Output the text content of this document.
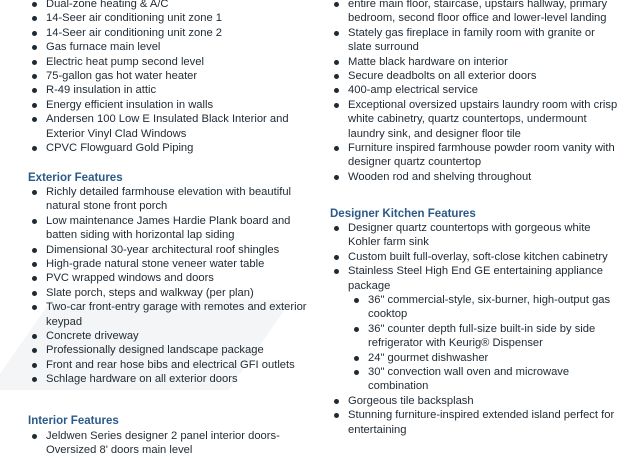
Dual-zone heating & A/C
14-Seer air conditioning unit zone 1
14-Seer air conditioning unit zone 2
Gas furnace main level
Electric heat pump second level
75-gallon gas hot water heater
R-49 insulation in attic
Energy efficient insulation in walls
Andersen 100 Low E Insulated Black Interior and Exterior Vinyl Clad Windows
CPVC Flowguard Gold Piping
Exterior Features
Richly detailed farmhouse elevation with beautiful natural stone front porch
Low maintenance James Hardie Plank board and batten siding with horizontal lap siding
Dimensional 30-year architectural roof shingles
High-grade natural stone veneer water table
PVC wrapped windows and doors
Slate porch, steps and walkway (per plan)
Two-car front-entry garage with remotes and exterior keypad
Concrete driveway
Professionally designed landscape package
Front and rear hose bibs and electrical GFI outlets
Schlage hardware on all exterior doors
Interior Features
Jeldwen Series designer 2 panel interior doors-Oversized 8' doors main level
entire main floor, staircase, upstairs hallway, primary bedroom, second floor office and lower-level landing
Stately gas fireplace in family room with granite or slate surround
Matte black hardware on interior
Secure deadbolts on all exterior doors
400-amp electrical service
Exceptional oversized upstairs laundry room with crisp white cabinetry, quartz countertops, undermount laundry sink, and designer floor tile
Furniture inspired farmhouse powder room vanity with designer quartz countertop
Wooden rod and shelving throughout
Designer Kitchen Features
Designer quartz countertops with gorgeous white Kohler farm sink
Custom built full-overlay, soft-close kitchen cabinetry
Stainless Steel High End GE entertaining appliance package
36" commercial-style, six-burner, high-output gas cooktop
36" counter depth full-size built-in side by side refrigerator with Keurig® Dispenser
24" gourmet dishwasher
30" convection wall oven and microwave combination
Gorgeous tile backsplash
Stunning furniture-inspired extended island perfect for entertaining
